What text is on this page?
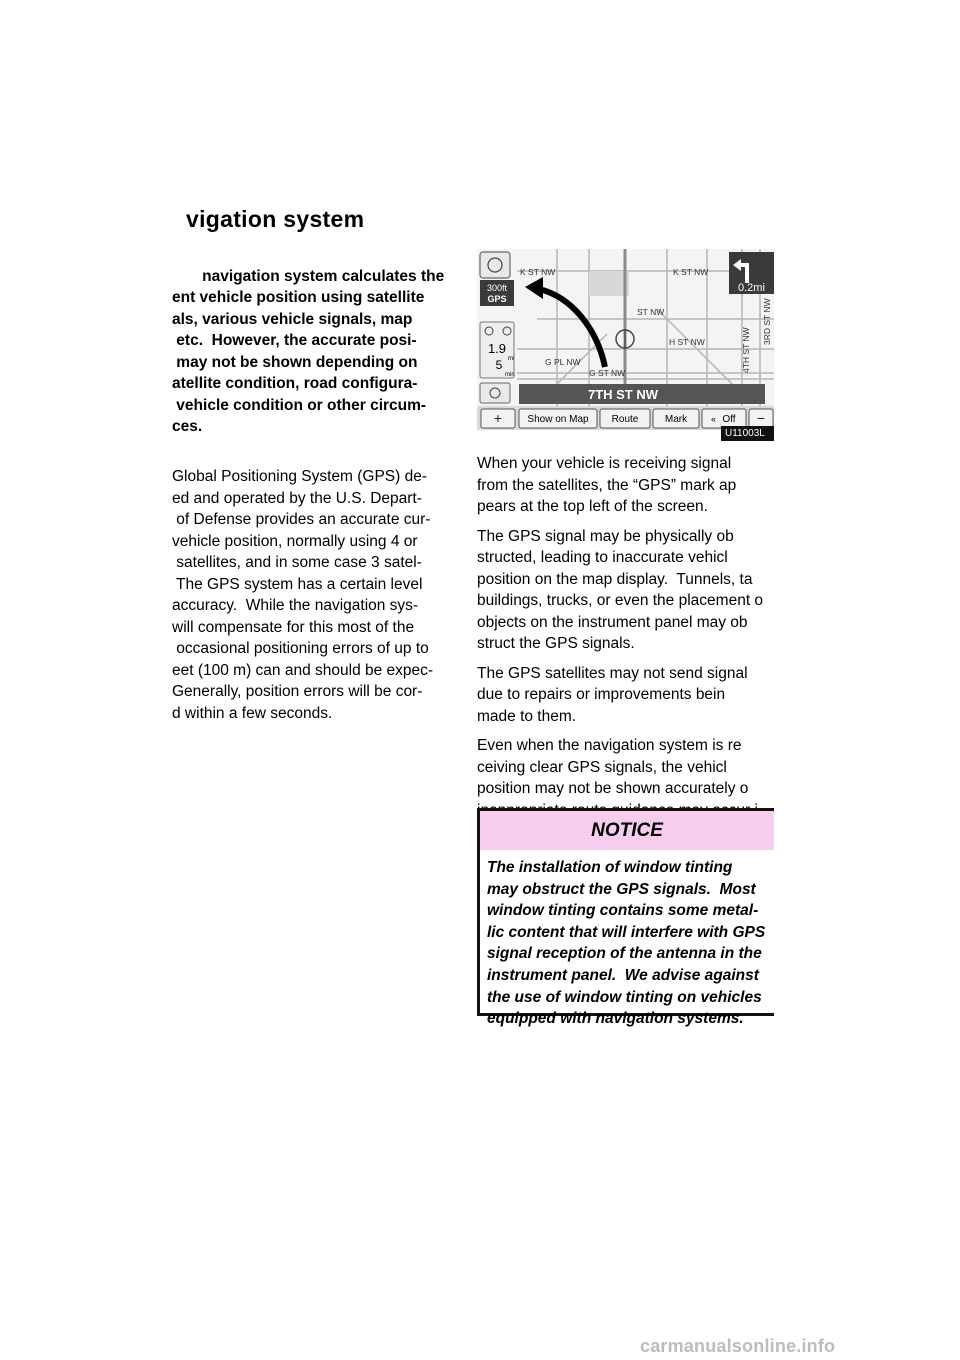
vigation system

navigation system calculates the
ent vehicle position using satellite
als, various vehicle signals, map
etc.  However, the accurate posi-
may not be shown depending on
atellite condition, road configura-
vehicle condition or other circum-
ces.

Global Positioning System (GPS) de-
ed and operated by the U.S. Depart-
of Defense provides an accurate cur-
vehicle position, normally using 4 or
satellites, and in some case 3 satel-
The GPS system has a certain level
accuracy.  While the navigation sys-
will compensate for this most of the
occasional positioning errors of up to
eet (100 m) can and should be expec-
Generally, position errors will be cor-
d within a few seconds.

K ST NW	K ST NW
ST NW
H ST NW
G PL NW
G ST NW	4TH ST NW
3RD ST NW
300ft
GPS
1.9
mi
5
min
0.2mi
7TH ST NW
+	Show on Map Route	Mark	« Off −
U11003L

When your vehicle is receiving signal
from the satellites, the “GPS” mark ap
pears at the top left of the screen.

The GPS signal may be physically ob
structed, leading to inaccurate vehicl
position on the map display.  Tunnels, ta
buildings, trucks, or even the placement o
objects on the instrument panel may ob
struct the GPS signals.

The GPS satellites may not send signal
due to repairs or improvements bein
made to them.

Even when the navigation system is re
ceiving clear GPS signals, the vehicl
position may not be shown accurately o

NOTICE

The installation of window tinting
may obstruct the GPS signals.  Most
window tinting contains some metal-
lic content that will interfere with GPS
signal reception of the antenna in the
instrument panel.  We advise against
the use of window tinting on vehicles
equipped with navigation systems.

carmanualsonline.info
